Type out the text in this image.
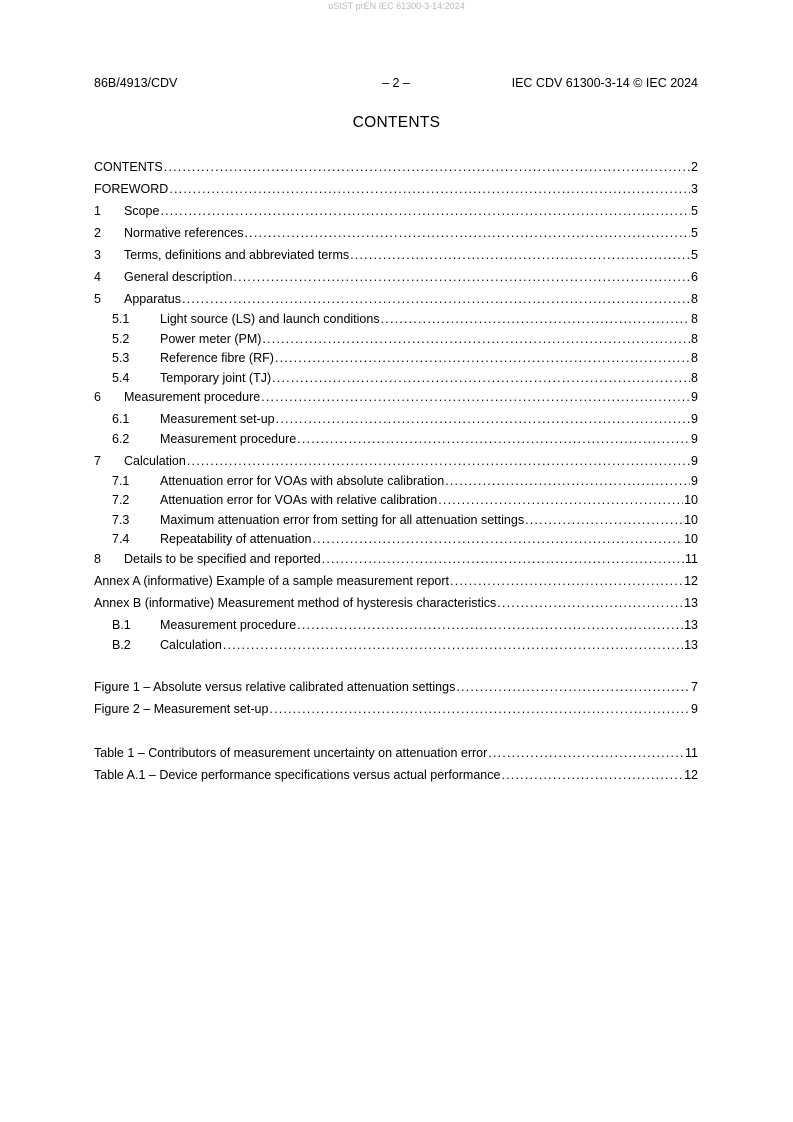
oSIST prEN IEC 61300-3-14:2024
86B/4913/CDV	– 2 –	IEC CDV 61300-3-14 © IEC 2024
CONTENTS
CONTENTS .....	2
FOREWORD .....	3
1	Scope .....	5
2	Normative references .....	5
3	Terms, definitions and abbreviated terms .....	5
4	General description .....	6
5	Apparatus .....	8
5.1	Light source (LS) and launch conditions .....	8
5.2	Power meter (PM) .....	8
5.3	Reference fibre (RF) .....	8
5.4	Temporary joint (TJ) .....	8
6	Measurement procedure .....	9
6.1	Measurement set-up .....	9
6.2	Measurement procedure .....	9
7	Calculation .....	9
7.1	Attenuation error for VOAs with absolute calibration .....	9
7.2	Attenuation error for VOAs with relative calibration .....	10
7.3	Maximum attenuation error from setting for all attenuation settings .....	10
7.4	Repeatability of attenuation .....	10
8	Details to be specified and reported .....	11
Annex A (informative) Example of a sample measurement report .....	12
Annex B (informative) Measurement method of hysteresis characteristics .....	13
B.1	Measurement procedure .....	13
B.2	Calculation .....	13
Figure 1 – Absolute versus relative calibrated attenuation settings .....	7
Figure 2 – Measurement set-up .....	9
Table 1 – Contributors of measurement uncertainty on attenuation error .....	11
Table A.1 – Device performance specifications versus actual performance .....	12
